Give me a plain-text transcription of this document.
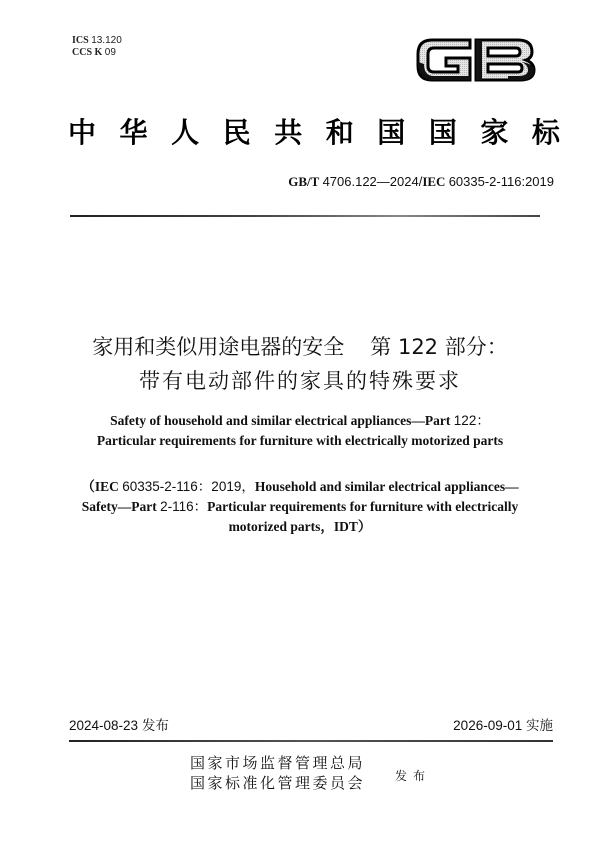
ICS 13.120
CCS K 09
中 华 人 民 共 和 国 国 家 标
GB/T 4706.122—2024/IEC 60335-2-116:2019
家用和类似用途电器的安全 第 122 部分：
带有电动部件的家具的特殊要求
Safety of household and similar electrical appliances—Part 122：
Particular requirements for furniture with electrically motorized parts
（IEC 60335-2-116：2019，Household and similar electrical appliances—
Safety—Part 2-116：Particular requirements for furniture with electrically
motorized parts，IDT）
2024-08-23 发布	2026-09-01 实施
国家市场监督管理总局
国家标准化管理委员会 发布
